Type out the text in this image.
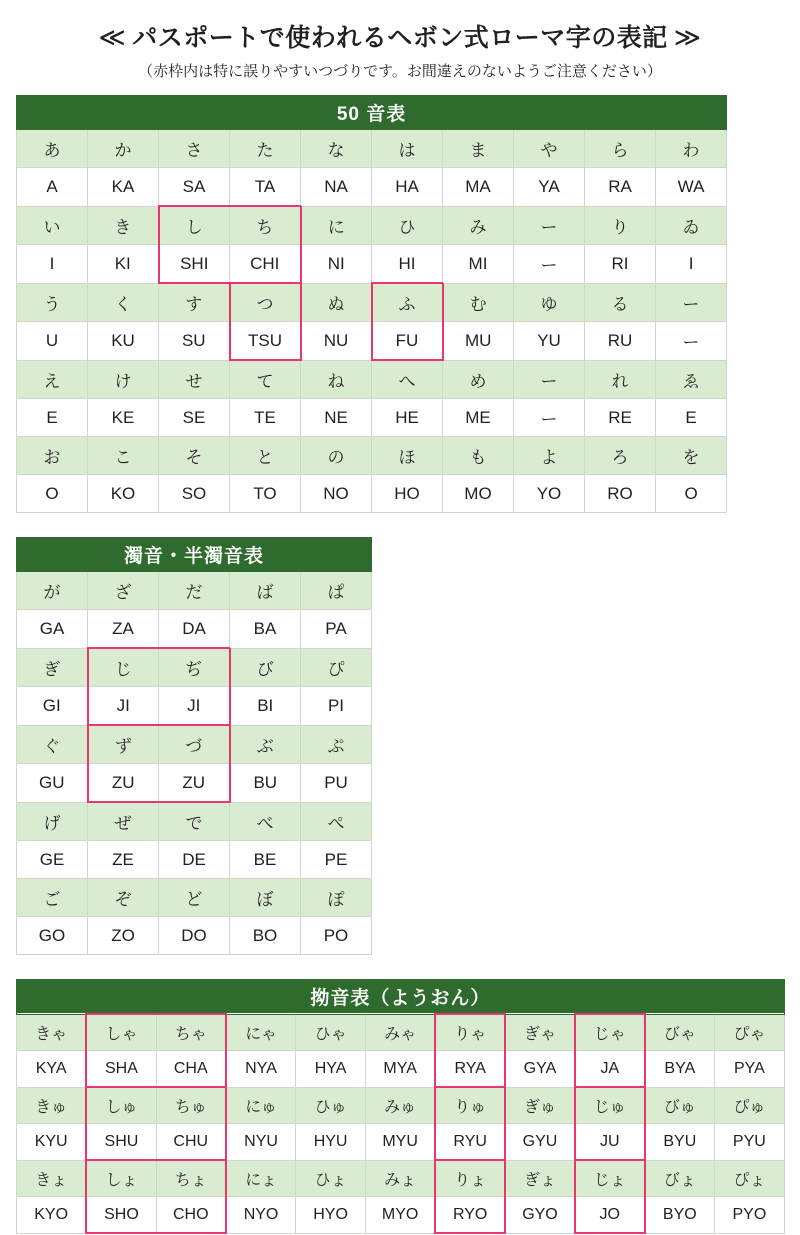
≪ パスポートで使われるヘボン式ローマ字の表記 ≫
（赤枠内は特に誤りやすいつづりです。お間違えのないようご注意ください）
50 音表									
あ	か	さ	た	な	は	ま	や	ら	わ
A	KA	SA	TA	NA	HA	MA	YA	RA	WA
い	き	し	ち	に	ひ	み	ー	り	ゐ
I	KI	SHI	CHI	NI	HI	MI	ー	RI	I
う	く	す	つ	ぬ	ふ	む	ゆ	る	ー
U	KU	SU	TSU	NU	FU	MU	YU	RU	ー
え	け	せ	て	ね	へ	め	ー	れ	ゑ
E	KE	SE	TE	NE	HE	ME	ー	RE	E
お	こ	そ	と	の	ほ	も	よ	ろ	を
O	KO	SO	TO	NO	HO	MO	YO	RO	O
濁音・半濁音表				
が	ざ	だ	ば	ぱ
GA	ZA	DA	BA	PA
ぎ	じ	ぢ	び	ぴ
GI	JI	JI	BI	PI
ぐ	ず	づ	ぶ	ぷ
GU	ZU	ZU	BU	PU
げ	ぜ	で	べ	ぺ
GE	ZE	DE	BE	PE
ご	ぞ	ど	ぼ	ぽ
GO	ZO	DO	BO	PO
拗音表（ようおん）										
きゃ	しゃ	ちゃ	にゃ	ひゃ	みゃ	りゃ	ぎゃ	じゃ	びゃ	ぴゃ
KYA	SHA	CHA	NYA	HYA	MYA	RYA	GYA	JA	BYA	PYA
きゅ	しゅ	ちゅ	にゅ	ひゅ	みゅ	りゅ	ぎゅ	じゅ	びゅ	ぴゅ
KYU	SHU	CHU	NYU	HYU	MYU	RYU	GYU	JU	BYU	PYU
きょ	しょ	ちょ	にょ	ひょ	みょ	りょ	ぎょ	じょ	びょ	ぴょ
KYO	SHO	CHO	NYO	HYO	MYO	RYO	GYO	JO	BYO	PYO
